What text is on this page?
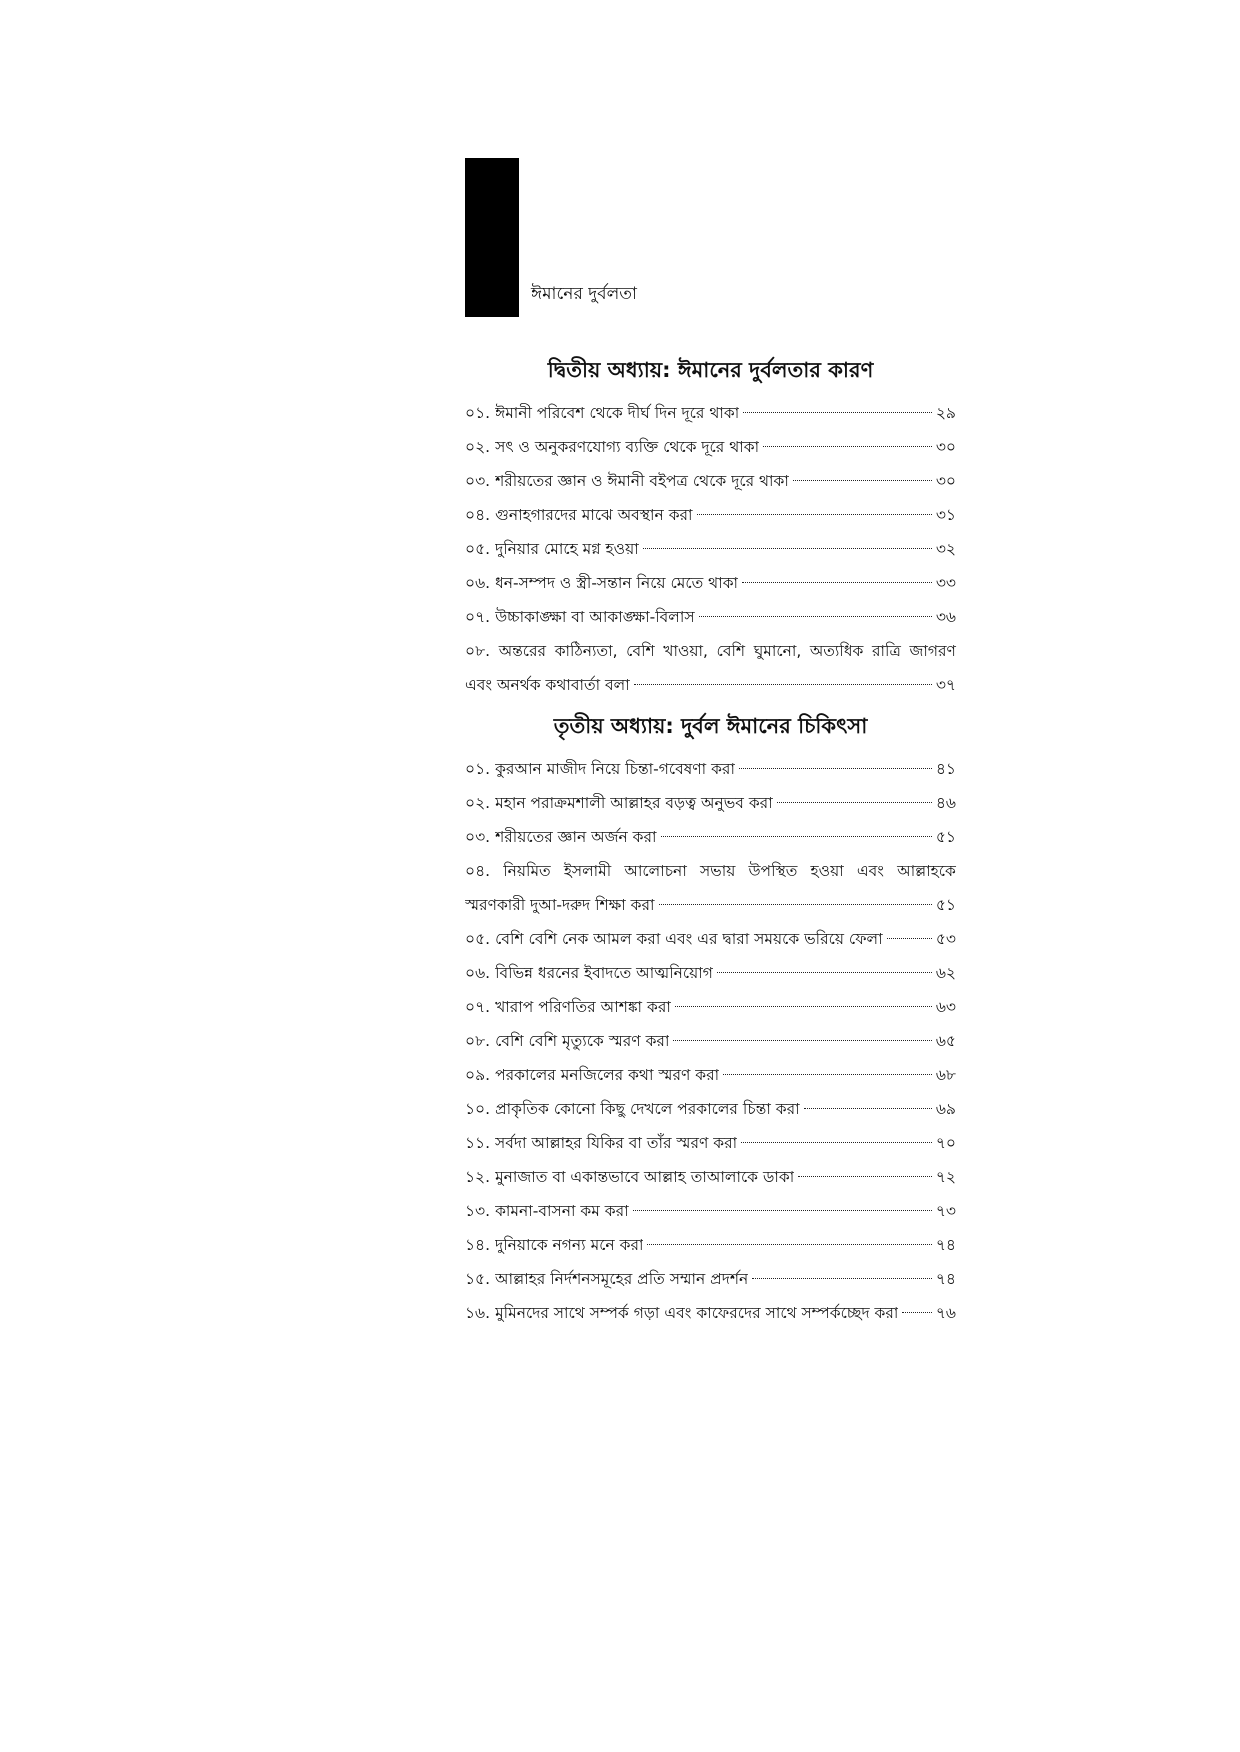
ঈমানের দুর্বলতা
দ্বিতীয় অধ্যায়: ঈমানের দুর্বলতার কারণ
০১. ঈমানী পরিবেশ থেকে দীর্ঘ দিন দূরে থাকা	২৯
০২. সৎ ও অনুকরণযোগ্য ব্যক্তি থেকে দূরে থাকা	৩০
০৩. শরীয়তের জ্ঞান ও ঈমানী বইপত্র থেকে দূরে থাকা	৩০
০৪. গুনাহগারদের মাঝে অবস্থান করা	৩১
০৫. দুনিয়ার মোহে মগ্ন হওয়া	৩২
০৬. ধন-সম্পদ ও স্ত্রী-সন্তান নিয়ে মেতে থাকা	৩৩
০৭. উচ্চাকাঙ্ক্ষা বা আকাঙ্ক্ষা-বিলাস	৩৬
০৮. অন্তরের কাঠিন্যতা, বেশি খাওয়া, বেশি ঘুমানো, অত্যধিক রাত্রি জাগরণ
এবং অনর্থক কথাবার্তা বলা	৩৭
তৃতীয় অধ্যায়: দুর্বল ঈমানের চিকিৎসা
০১. কুরআন মাজীদ নিয়ে চিন্তা-গবেষণা করা	৪১
০২. মহান পরাক্রমশালী আল্লাহর বড়ত্ব অনুভব করা	৪৬
০৩. শরীয়তের জ্ঞান অর্জন করা	৫১
০৪. নিয়মিত ইসলামী আলোচনা সভায় উপস্থিত হওয়া এবং আল্লাহকে
স্মরণকারী দুআ-দরুদ শিক্ষা করা	৫১
০৫. বেশি বেশি নেক আমল করা এবং এর দ্বারা সময়কে ভরিয়ে ফেলা	৫৩
০৬. বিভিন্ন ধরনের ইবাদতে আত্মনিয়োগ	৬২
০৭. খারাপ পরিণতির আশঙ্কা করা	৬৩
০৮. বেশি বেশি মৃত্যুকে স্মরণ করা	৬৫
০৯. পরকালের মনজিলের কথা স্মরণ করা	৬৮
১০. প্রাকৃতিক কোনো কিছু দেখলে পরকালের চিন্তা করা	৬৯
১১. সর্বদা আল্লাহর যিকির বা তাঁর স্মরণ করা	৭০
১২. মুনাজাত বা একান্তভাবে আল্লাহ তাআলাকে ডাকা	৭২
১৩. কামনা-বাসনা কম করা	৭৩
১৪. দুনিয়াকে নগন্য মনে করা	৭৪
১৫. আল্লাহর নির্দশনসমূহের প্রতি সম্মান প্রদর্শন	৭৪
১৬. মুমিনদের সাথে সম্পর্ক গড়া এবং কাফেরদের সাথে সম্পর্কচ্ছেদ করা ৭৬
